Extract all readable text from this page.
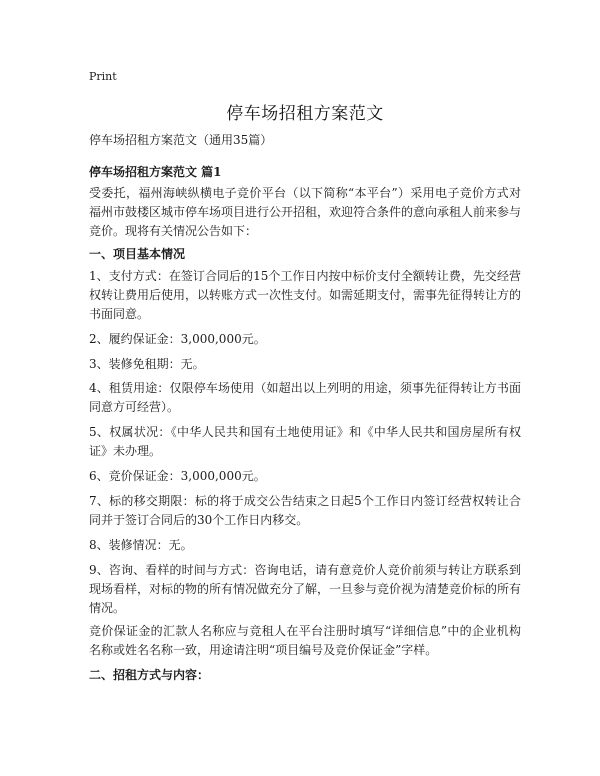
Print
停车场招租方案范文
停车场招租方案范文（通用35篇）
停车场招租方案范文 篇1
受委托，福州海峡纵横电子竞价平台（以下简称“本平台”）采用电子竞价方式对福州市鼓楼区城市停车场项目进行公开招租，欢迎符合条件的意向承租人前来参与竞价。现将有关情况公告如下：
一、项目基本情况
1、支付方式：在签订合同后的15个工作日内按中标价支付全额转让费，先交经营权转让费用后使用，以转账方式一次性支付。如需延期支付，需事先征得转让方的书面同意。
2、履约保证金：3,000,000元。
3、装修免租期：无。
4、租赁用途：仅限停车场使用（如超出以上列明的用途，须事先征得转让方书面同意方可经营）。
5、权属状况：《中华人民共和国有土地使用证》和《中华人民共和国房屋所有权证》未办理。
6、竞价保证金：3,000,000元。
7、标的移交期限：标的将于成交公告结束之日起5个工作日内签订经营权转让合同并于签订合同后的30个工作日内移交。
8、装修情况：无。
9、咨询、看样的时间与方式：咨询电话，请有意竞价人竞价前须与转让方联系到现场看样，对标的物的所有情况做充分了解，一旦参与竞价视为清楚竞价标的所有情况。
竞价保证金的汇款人名称应与竞租人在平台注册时填写“详细信息”中的企业机构名称或姓名名称一致，用途请注明“项目编号及竞价保证金”字样。
二、招租方式与内容：
